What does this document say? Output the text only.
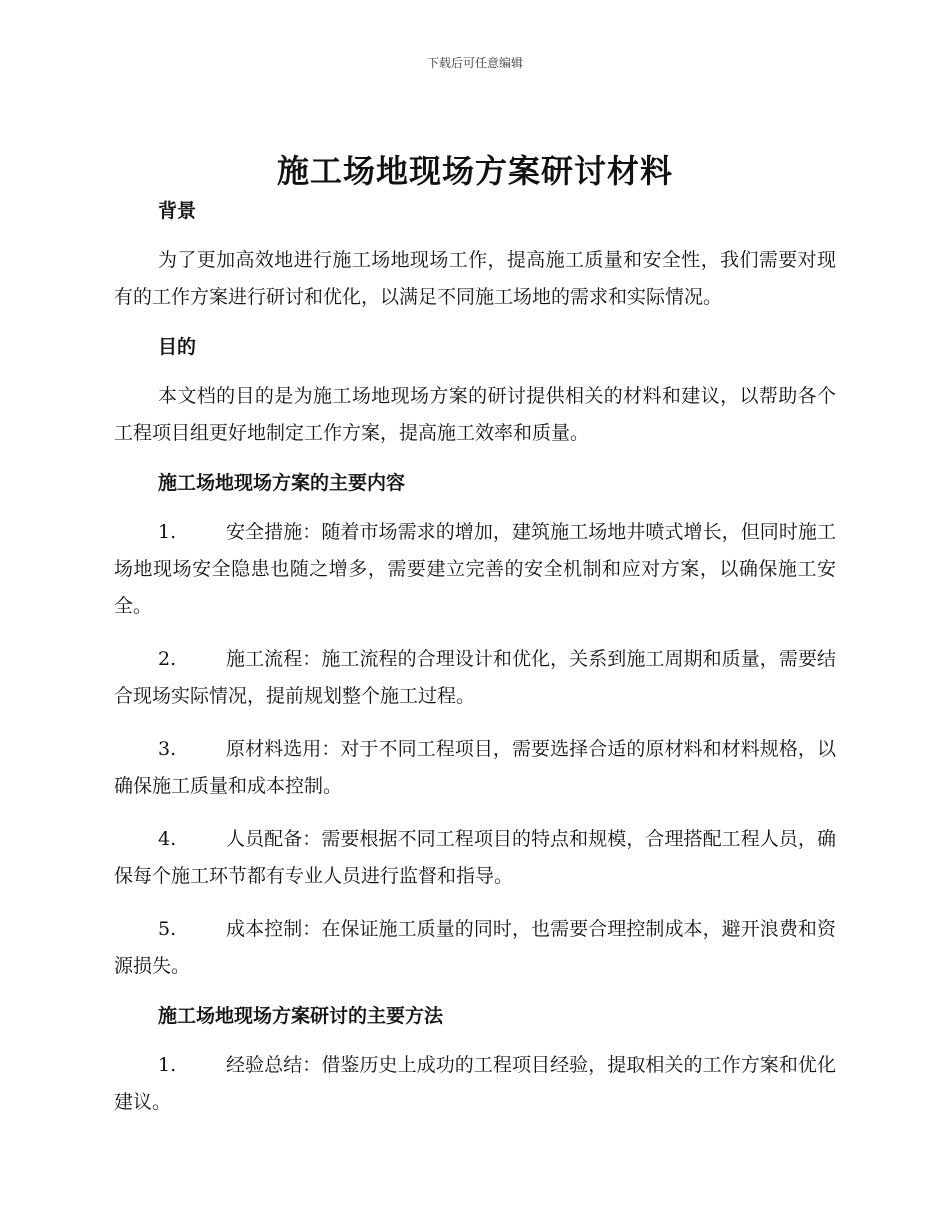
下载后可任意编辑
施工场地现场方案研讨材料
背景

为了更加高效地进行施工场地现场工作，提高施工质量和安全性，我们需要对现有的工作方案进行研讨和优化，以满足不同施工场地的需求和实际情况。

目的

本文档的目的是为施工场地现场方案的研讨提供相关的材料和建议，以帮助各个工程项目组更好地制定工作方案，提高施工效率和质量。

施工场地现场方案的主要内容

1.	安全措施：随着市场需求的增加，建筑施工场地井喷式增长，但同时施工场地现场安全隐患也随之增多，需要建立完善的安全机制和应对方案，以确保施工安全。

2.	施工流程：施工流程的合理设计和优化，关系到施工周期和质量，需要结合现场实际情况，提前规划整个施工过程。

3.	原材料选用：对于不同工程项目，需要选择合适的原材料和材料规格，以确保施工质量和成本控制。

4.	人员配备：需要根据不同工程项目的特点和规模，合理搭配工程人员，确保每个施工环节都有专业人员进行监督和指导。

5.	成本控制：在保证施工质量的同时，也需要合理控制成本，避开浪费和资源损失。

施工场地现场方案研讨的主要方法

1.	经验总结：借鉴历史上成功的工程项目经验，提取相关的工作方案和优化建议。
